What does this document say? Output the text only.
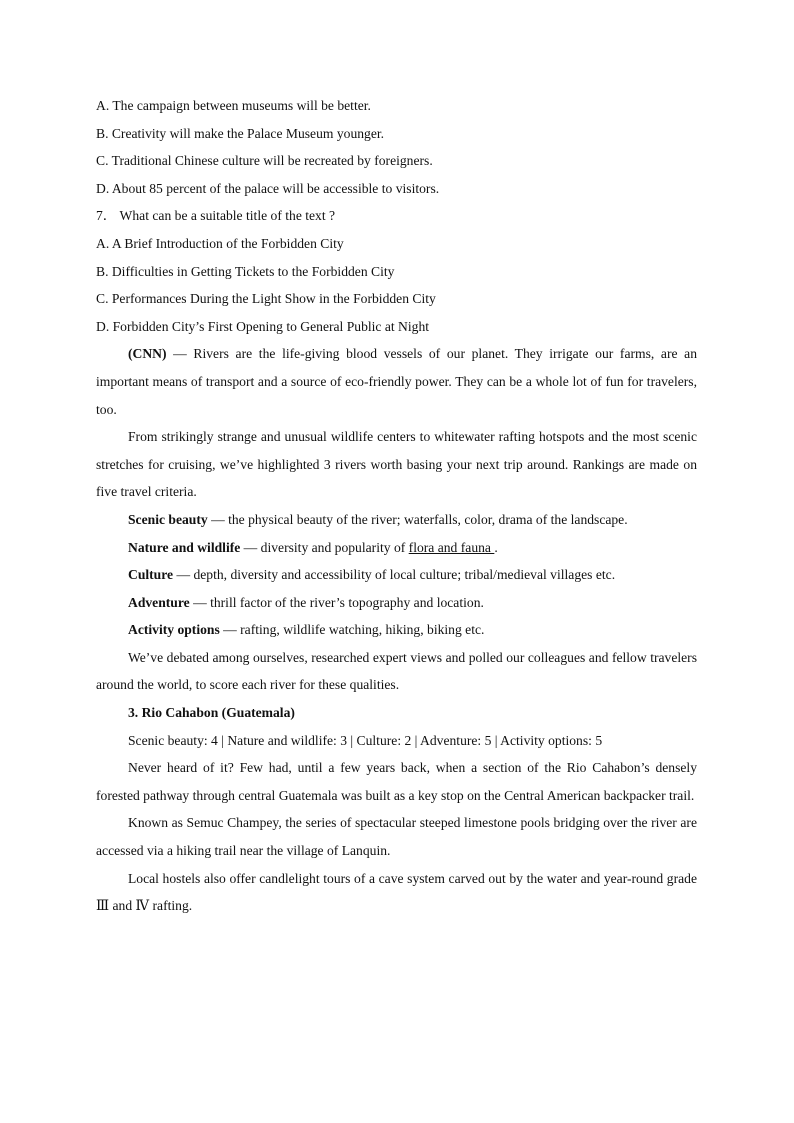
A. The campaign between museums will be better.

B. Creativity will make the Palace Museum younger.

C. Traditional Chinese culture will be recreated by foreigners.

D. About 85 percent of the palace will be accessible to visitors.

7． What can be a suitable title of the text ?

A. A Brief Introduction of the Forbidden City

B. Difficulties in Getting Tickets to the Forbidden City

C. Performances During the Light Show in the Forbidden City

D. Forbidden City’s First Opening to General Public at Night

(CNN) — Rivers are the life-giving blood vessels of our planet. They irrigate our farms, are an important means of transport and a source of eco-friendly power. They can be a whole lot of fun for travelers, too.

From strikingly strange and unusual wildlife centers to whitewater rafting hotspots and the most scenic stretches for cruising, we’ve highlighted 3 rivers worth basing your next trip around. Rankings are made on five travel criteria.

Scenic beauty — the physical beauty of the river; waterfalls, color, drama of the landscape.

Nature and wildlife — diversity and popularity of flora and fauna .

Culture — depth, diversity and accessibility of local culture; tribal/medieval villages etc.

Adventure — thrill factor of the river’s topography and location.

Activity options — rafting, wildlife watching, hiking, biking etc.

We’ve debated among ourselves, researched expert views and polled our colleagues and fellow travelers around the world, to score each river for these qualities.

3. Rio Cahabon (Guatemala)

Scenic beauty: 4 | Nature and wildlife: 3 | Culture: 2 | Adventure: 5 | Activity options: 5

Never heard of it? Few had, until a few years back, when a section of the Rio Cahabon’s densely forested pathway through central Guatemala was built as a key stop on the Central American backpacker trail.

Known as Semuc Champey, the series of spectacular steeped limestone pools bridging over the river are accessed via a hiking trail near the village of Lanquin.

Local hostels also offer candlelight tours of a cave system carved out by the water and year-round grade Ⅲ and Ⅳ rafting.
